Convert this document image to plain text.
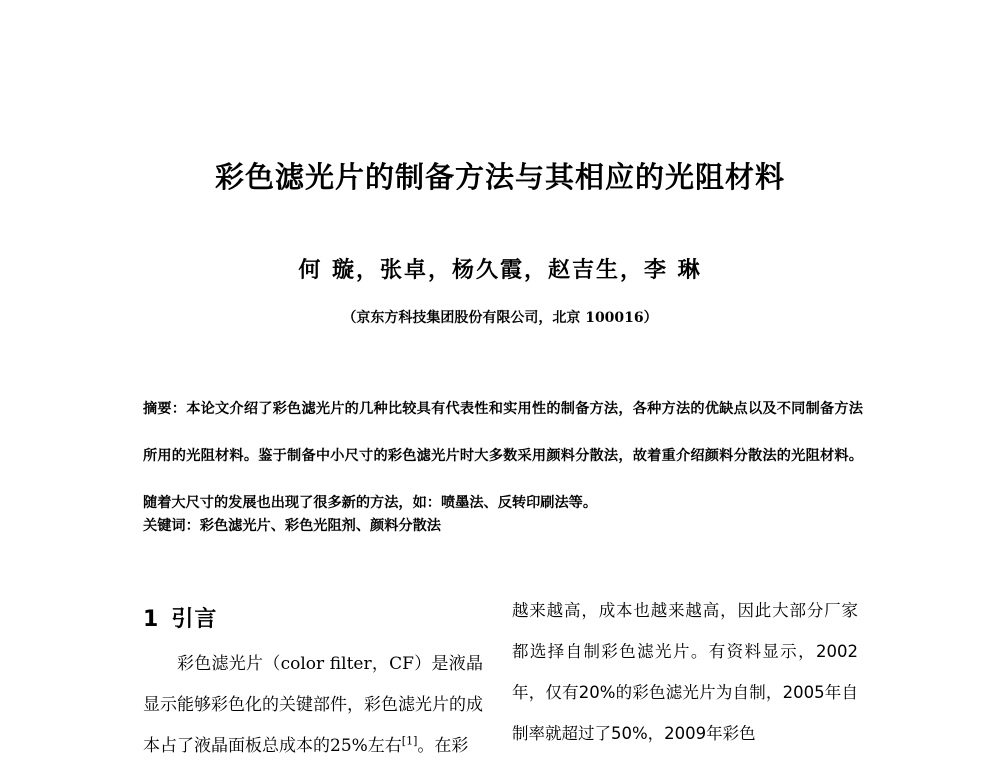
彩色滤光片的制备方法与其相应的光阻材料
何 璇，张卓，杨久霞，赵吉生，李 琳
（京东方科技集团股份有限公司，北京 100016）
摘要：本论文介绍了彩色滤光片的几种比较具有代表性和实用性的制备方法，各种方法的优缺点以及不同制备方法所用的光阻材料。鉴于制备中小尺寸的彩色滤光片时大多数采用颜料分散法，故着重介绍颜料分散法的光阻材料。随着大尺寸的发展也出现了很多新的方法，如：喷墨法、反转印刷法等。
关键词：彩色滤光片、彩色光阻剂、颜料分散法
1 引言

彩色滤光片（color filter，CF）是液晶显示能够彩色化的关键部件，彩色滤光片的成本占了液晶面板总成本的25%左右[1]。在彩

越来越高，成本也越来越高，因此大部分厂家都选择自制彩色滤光片。有资料显示，2002年，仅有20%的彩色滤光片为自制，2005年自制率就超过了50%，2009年彩色
